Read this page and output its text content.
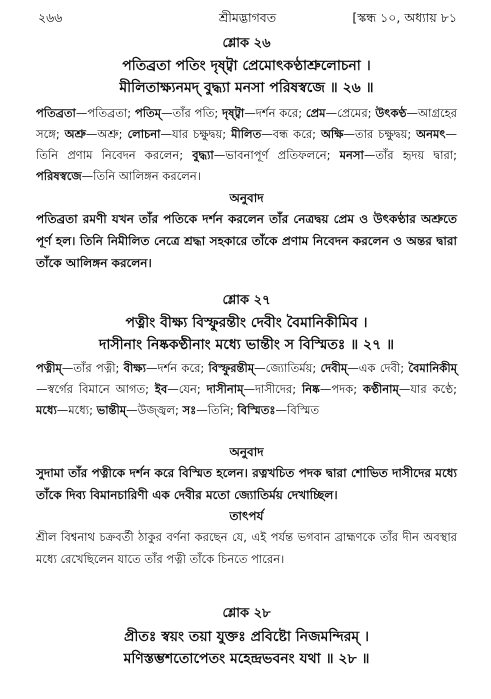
২৬৬	শ্রীমদ্ভাগবত	[স্কন্ধ ১০, অধ্যায় ৮১
শ্লোক ২৬
পতিব্রতা পতিং দৃষ্ট্বা প্রেমোৎকণ্ঠাশ্রুলোচনা ।
মীলিতাক্ষ্যনমদ্ বুদ্ধ্যা মনসা পরিষস্বজে ॥ ২৬ ॥
পতিব্রতা—পতিব্রতা; পতিম্—তাঁর পতি; দৃষ্ট্বা—দর্শন করে; প্রেম—প্রেমের; উৎকণ্ঠ—আগ্রহের সঙ্গে; অশ্রু—অশ্রু; লোচনা—যার চক্ষুদ্বয়; মীলিত—বন্ধ করে; অক্ষি—তার চক্ষুদ্বয়; অনমৎ—তিনি প্রণাম নিবেদন করলেন; বুদ্ধ্যা—ভাবনাপূর্ণ প্রতিফলনে; মনসা—তাঁর হৃদয় দ্বারা; পরিষস্বজে—তিনি আলিঙ্গন করলেন।
অনুবাদ
পতিব্রতা রমণী যখন তাঁর পতিকে দর্শন করলেন তাঁর নেত্রদ্বয় প্রেম ও উৎকণ্ঠার অশ্রুতে পূর্ণ হল। তিনি নিমীলিত নেত্রে শ্রদ্ধা সহকারে তাঁকে প্রণাম নিবেদন করলেন ও অন্তর দ্বারা তাঁকে আলিঙ্গন করলেন।
শ্লোক ২৭
পত্নীং বীক্ষ্য বিস্ফুরন্তীং দেবীং বৈমানিকীমিব ।
দাসীনাং নিষ্ককণ্ঠীনাং মধ্যে ভান্তীং স বিস্মিতঃ ॥ ২৭ ॥
পত্নীম্—তাঁর পত্নী; বীক্ষ্য—দর্শন করে; বিস্ফুরন্তীম্—জ্যোতির্ময়; দেবীম্—এক দেবী; বৈমানিকীম্—স্বর্গের বিমানে আগত; ইব—যেন; দাসীনাম্—দাসীদের; নিষ্ক—পদক; কণ্ঠীনাম্—যার কণ্ঠে; মধ্যে—মধ্যে; ভান্তীম্—উজ্জ্বল; সঃ—তিনি; বিস্মিতঃ—বিস্মিত
অনুবাদ
সুদামা তাঁর পত্নীকে দর্শন করে বিস্মিত হলেন। রত্নখচিত পদক দ্বারা শোভিত দাসীদের মধ্যে তাঁকে দিব্য বিমানচারিণী এক দেবীর মতো জ্যোতির্ময় দেখাচ্ছিল।
তাৎপর্য
শ্রীল বিশ্বনাথ চক্রবর্তী ঠাকুর বর্ণনা করছেন যে, এই পর্যন্ত ভগবান ব্রাহ্মণকে তাঁর দীন অবস্থার মধ্যে রেখেছিলেন যাতে তাঁর পত্নী তাঁকে চিনতে পারেন।
শ্লোক ২৮
প্রীতঃ স্বয়ং তয়া যুক্তঃ প্রবিষ্টো নিজমন্দিরম্ ।
মণিস্তম্ভশতোপেতং মহেন্দ্রভবনং যথা ॥ ২৮ ॥
